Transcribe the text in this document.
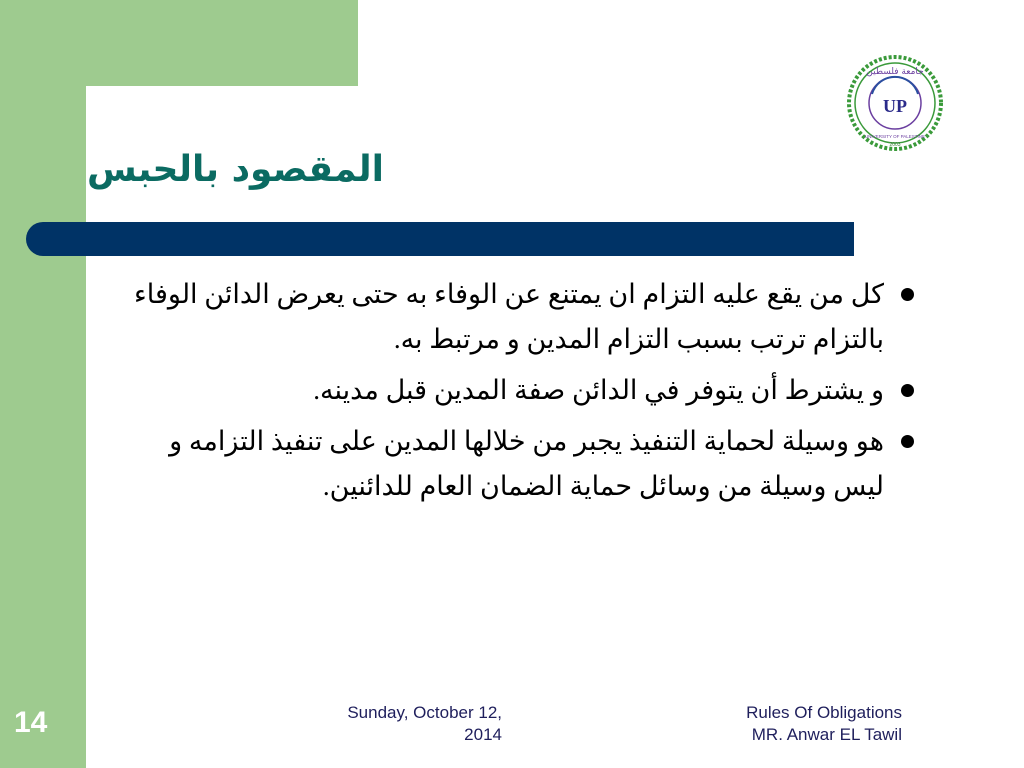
المقصود بالحبس
UP
جامعة فلسطين
2003
UNIVERSITY OF PALESTINE
كل من يقع عليه التزام ان يمتنع عن الوفاء به حتى يعرض الدائن الوفاء بالتزام ترتب بسبب التزام المدين و مرتبط به.
و يشترط أن يتوفر في الدائن صفة المدين قبل مدينه.
هو وسيلة لحماية التنفيذ يجبر من خلالها المدين على تنفيذ التزامه و ليس وسيلة من وسائل حماية الضمان العام للدائنين.
14	Sunday, October 12,
2014
Rules Of Obligations
MR. Anwar EL Tawil
